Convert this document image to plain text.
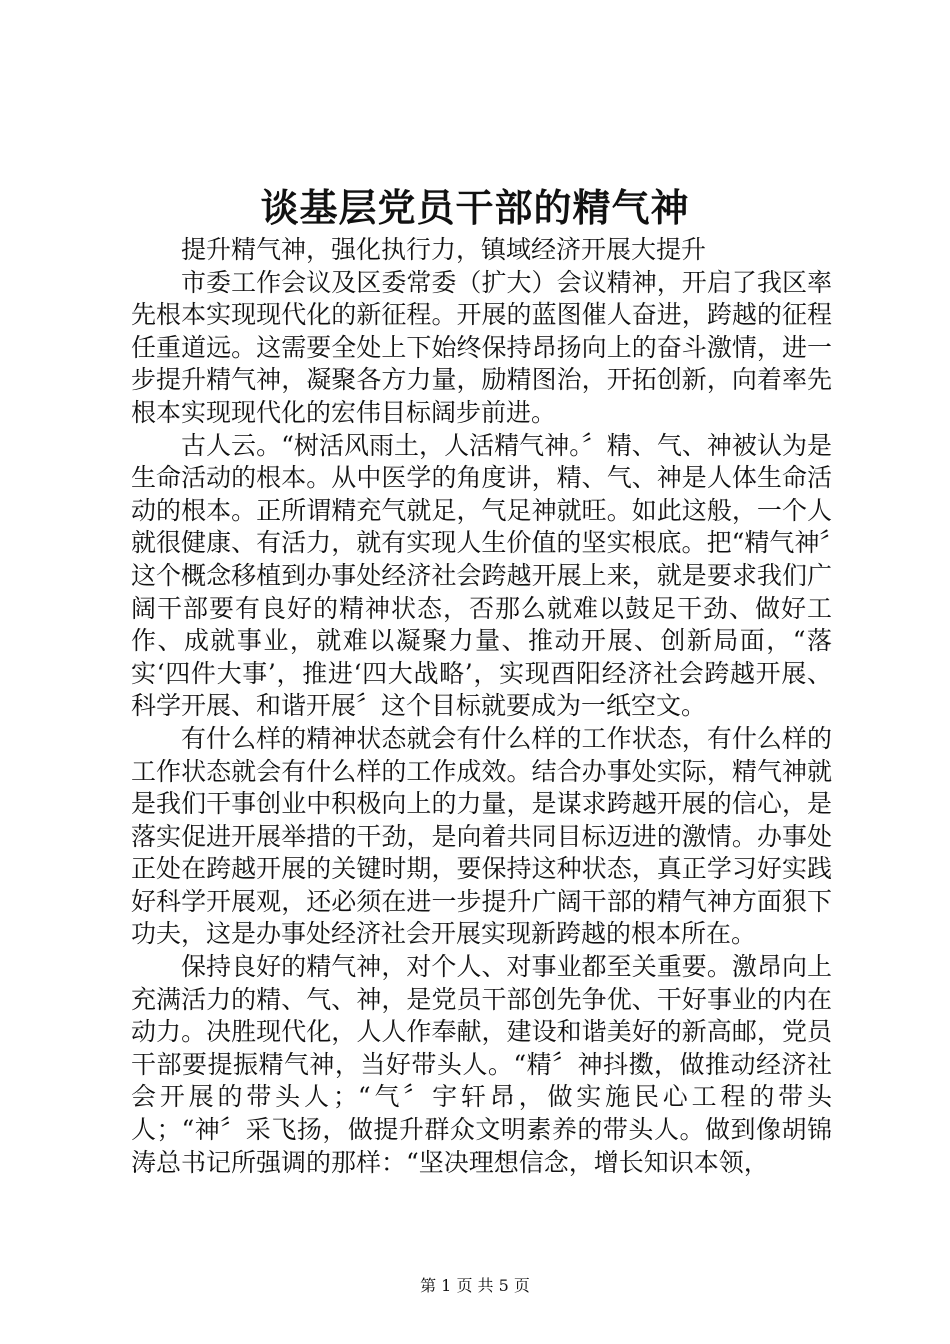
谈基层党员干部的精气神

提升精气神，强化执行力，镇域经济开展大提升

市委工作会议及区委常委（扩大）会议精神，开启了我区率先根本实现现代化的新征程。开展的蓝图催人奋进，跨越的征程任重道远。这需要全处上下始终保持昂扬向上的奋斗激情，进一步提升精气神，凝聚各方力量，励精图治，开拓创新，向着率先根本实现现代化的宏伟目标阔步前进。

古人云。“树活风雨土，人活精气神。〞精、气、神被认为是生命活动的根本。从中医学的角度讲，精、气、神是人体生命活动的根本。正所谓精充气就足，气足神就旺。如此这般，一个人就很健康、有活力，就有实现人生价值的坚实根底。把“精气神〞这个概念移植到办事处经济社会跨越开展上来，就是要求我们广阔干部要有良好的精神状态，否那么就难以鼓足干劲、做好工作、成就事业，就难以凝聚力量、推动开展、创新局面，“落实‘四件大事’，推进‘四大战略’，实现酉阳经济社会跨越开展、科学开展、和谐开展〞这个目标就要成为一纸空文。

有什么样的精神状态就会有什么样的工作状态，有什么样的工作状态就会有什么样的工作成效。结合办事处实际，精气神就是我们干事创业中积极向上的力量，是谋求跨越开展的信心，是落实促进开展举措的干劲，是向着共同目标迈进的激情。办事处正处在跨越开展的关键时期，要保持这种状态，真正学习好实践好科学开展观，还必须在进一步提升广阔干部的精气神方面狠下功夫，这是办事处经济社会开展实现新跨越的根本所在。

保持良好的精气神，对个人、对事业都至关重要。激昂向上充满活力的精、气、神，是党员干部创先争优、干好事业的内在动力。决胜现代化，人人作奉献，建设和谐美好的新高邮，党员干部要提振精气神，当好带头人。“精〞神抖擞，做推动经济社会开展的带头人；“气〞宇轩昂，做实施民心工程的带头人；“神〞采飞扬，做提升群众文明素养的带头人。做到像胡锦涛总书记所强调的那样：“坚决理想信念，增长知识本领，

第 1 页 共 5 页
